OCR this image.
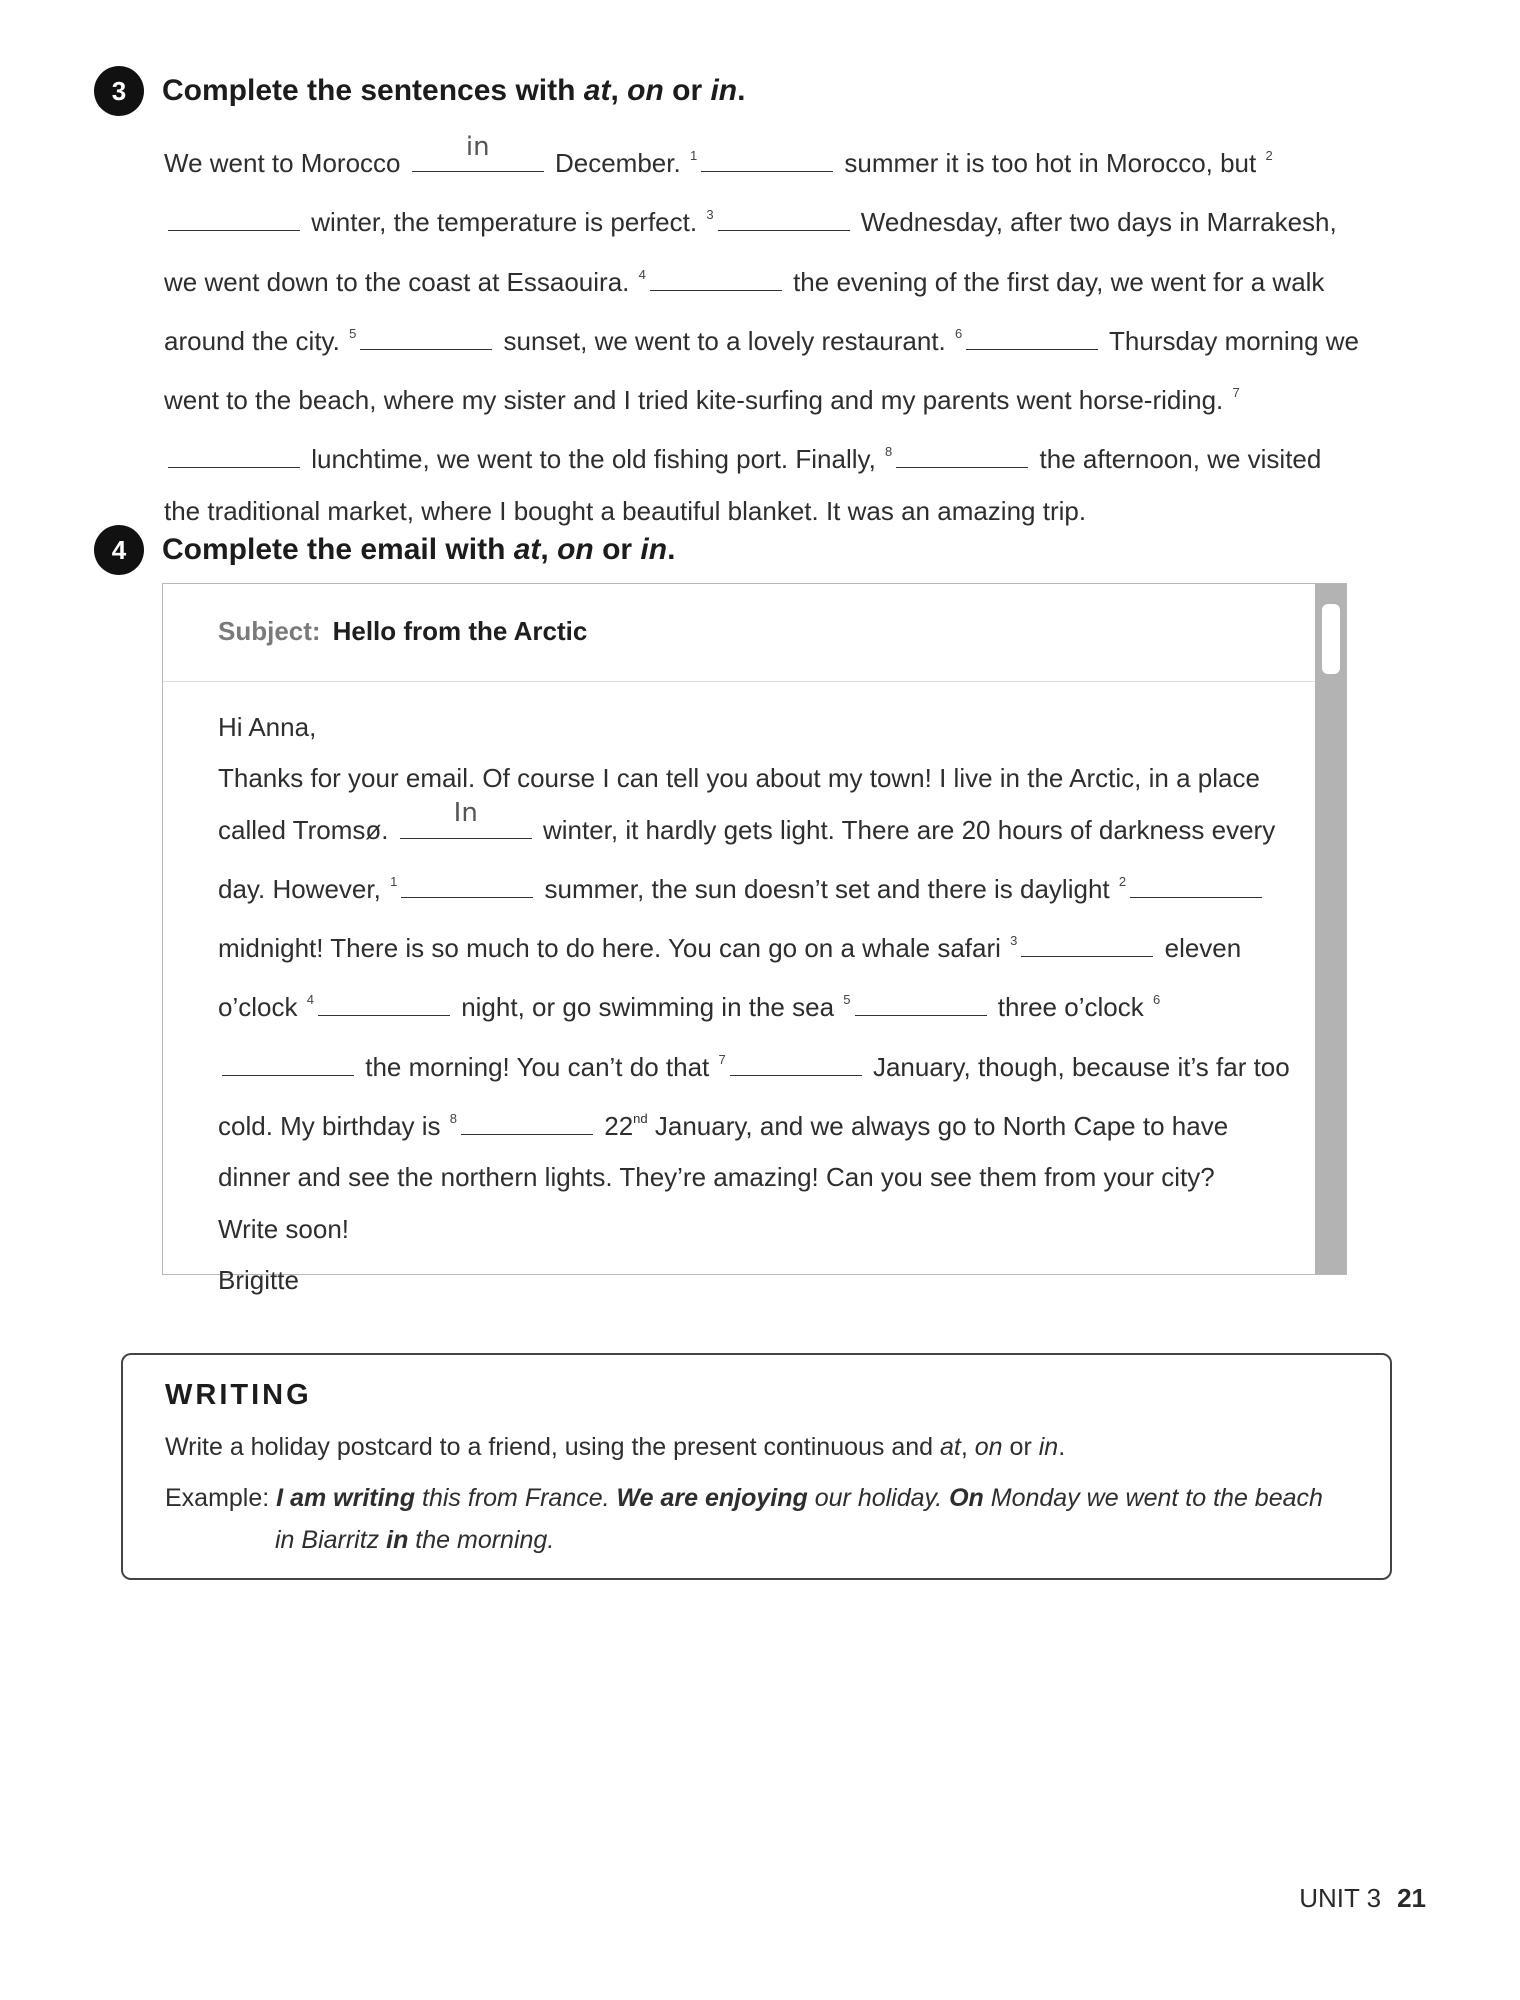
3	Complete the sentences with at, on or in.
We went to Morocco
in
December. $^1$	summer it is too hot in Morocco, but $^2$ winter, the temperature is perfect. $^3$	Wednesday, after two days in Marrakesh, we went down to the coast at Essaouira. $^4$	the evening of the first day, we went for a walk around the city. $^5$	sunset, we went to a lovely restaurant. $^6$	Thursday morning we went to the beach, where my sister and I tried kite-surfing and my parents went horse-riding. $^7$ lunchtime, we went to the old fishing port. Finally, $^8$	the afternoon, we visited the traditional market, where I bought a beautiful blanket. It was an amazing trip.
4	Complete the email with at, on or in.
Subject: Hello from the Arctic

Hi Anna,

Thanks for your email. Of course I can tell you about my town! I live in the Arctic, in a place called Tromsø.
In
winter, it hardly gets light. There are 20 hours of darkness every day. However, $^1$	summer, the sun doesn’t set and there is daylight $^2$ midnight! There is so much to do here. You can go on a whale safari $^3$	eleven o’clock $^4$	night, or go swimming in the sea $^5$	three o’clock $^6$ the morning! You can’t do that $^7$	January, though, because it’s far too cold. My birthday is $^8$	22nd January, and we always go to North Cape to have dinner and see the northern lights. They’re amazing! Can you see them from your city?

Write soon!

Brigitte

WRITING
Write a holiday postcard to a friend, using the present continuous and at, on or in.
Example: I am writing this from France. We are enjoying our holiday. On Monday we went to the beach
in Biarritz in the morning.
UNIT 3 21
